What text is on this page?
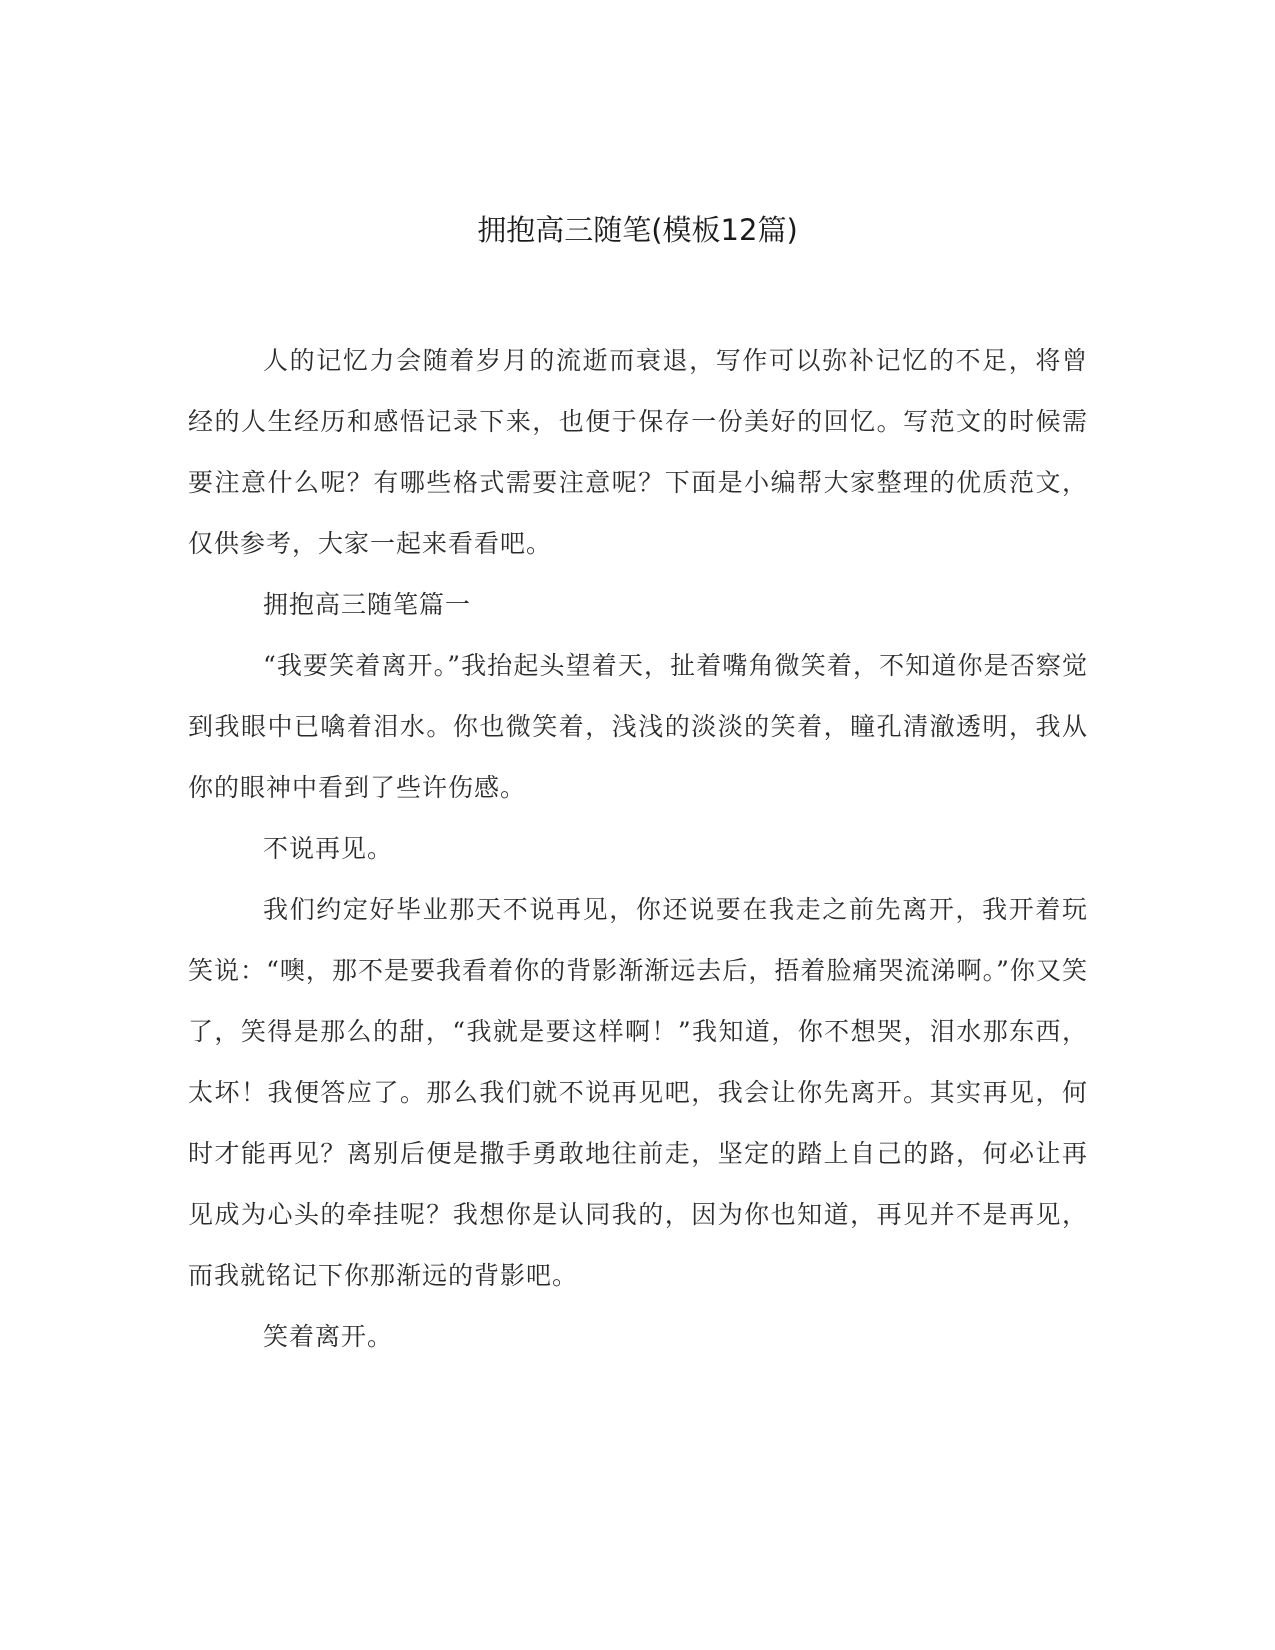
拥抱高三随笔(模板12篇)

人的记忆力会随着岁月的流逝而衰退，写作可以弥补记忆的不足，将曾经的人生经历和感悟记录下来，也便于保存一份美好的回忆。写范文的时候需要注意什么呢？有哪些格式需要注意呢？下面是小编帮大家整理的优质范文，仅供参考，大家一起来看看吧。

拥抱高三随笔篇一

“我要笑着离开。”我抬起头望着天，扯着嘴角微笑着，不知道你是否察觉到我眼中已噙着泪水。你也微笑着，浅浅的淡淡的笑着，瞳孔清澈透明，我从你的眼神中看到了些许伤感。

不说再见。

我们约定好毕业那天不说再见，你还说要在我走之前先离开，我开着玩笑说：“噢，那不是要我看着你的背影渐渐远去后，捂着脸痛哭流涕啊。”你又笑了，笑得是那么的甜，“我就是要这样啊！”我知道，你不想哭，泪水那东西，太坏！我便答应了。那么我们就不说再见吧，我会让你先离开。其实再见，何时才能再见？离别后便是撒手勇敢地往前走，坚定的踏上自己的路，何必让再见成为心头的牵挂呢？我想你是认同我的，因为你也知道，再见并不是再见，而我就铭记下你那渐远的背影吧。

笑着离开。
